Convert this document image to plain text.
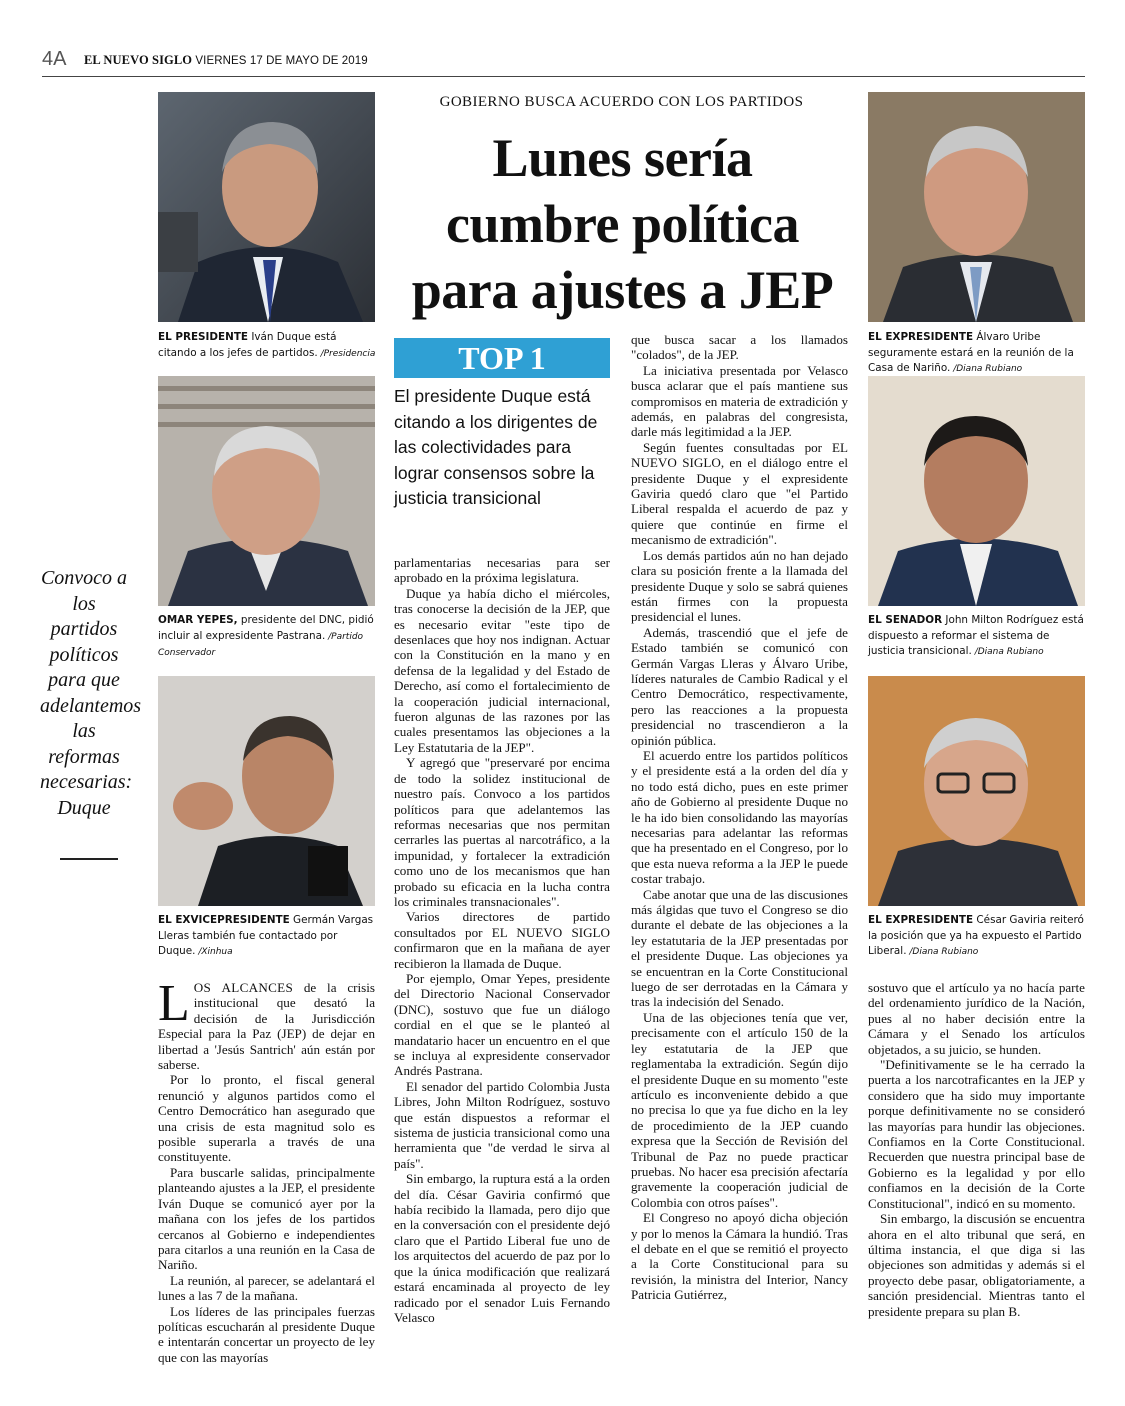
4A EL NUEVO SIGLO VIERNES 17 DE MAYO DE 2019
EL PRESIDENTE Iván Duque está citando a los jefes de partidos. /Presidencia
OMAR YEPES, presidente del DNC, pidió incluir al expresidente Pastrana. /Partido Conservador
EL EXVICEPRESIDENTE Germán Vargas Lleras también fue contactado por Duque. /Xinhua
EL EXPRESIDENTE Álvaro Uribe seguramente estará en la reunión de la Casa de Nariño. /Diana Rubiano
EL SENADOR John Milton Rodríguez está dispuesto a reformar el sistema de justicia transicional. /Diana Rubiano
EL EXPRESIDENTE César Gaviria reiteró la posición que ya ha expuesto el Partido Liberal. /Diana Rubiano
GOBIERNO BUSCA ACUERDO CON LOS PARTIDOS
Lunes sería
cumbre política
para ajustes a JEP
TOP 1
El presidente Duque está citando a los dirigentes de las colectividades para lograr consensos sobre la justicia transicional
Convoco a los partidos políticos para que adelantemos las reformas necesarias: Duque

LOS ALCANCES de la crisis institucional que desató la decisión de la Jurisdicción Especial para la Paz (JEP) de dejar en libertad a 'Jesús Santrich' aún están por saberse.

Por lo pronto, el fiscal general renunció y algunos partidos como el Centro Democrático han asegurado que una crisis de esta magnitud solo es posible superarla a través de una constituyente.

Para buscarle salidas, principalmente planteando ajustes a la JEP, el presidente Iván Duque se comunicó ayer por la mañana con los jefes de los partidos cercanos al Gobierno e independientes para citarlos a una reunión en la Casa de Nariño.

La reunión, al parecer, se adelantará el lunes a las 7 de la mañana.

Los líderes de las principales fuerzas políticas escucharán al presidente Duque e intentarán concertar un proyecto de ley que con las mayorías

parlamentarias necesarias para ser aprobado en la próxima legislatura.

Duque ya había dicho el miércoles, tras conocerse la decisión de la JEP, que es necesario evitar "este tipo de desenlaces que hoy nos indignan. Actuar con la Constitución en la mano y en defensa de la legalidad y del Estado de Derecho, así como el fortalecimiento de la cooperación judicial internacional, fueron algunas de las razones por las cuales presentamos las objeciones a la Ley Estatutaria de la JEP".

Y agregó que "preservaré por encima de todo la solidez institucional de nuestro país. Convoco a los partidos políticos para que adelantemos las reformas necesarias que nos permitan cerrarles las puertas al narcotráfico, a la impunidad, y fortalecer la extradición como uno de los mecanismos que han probado su eficacia en la lucha contra los criminales transnacionales".

Varios directores de partido consultados por EL NUEVO SIGLO confirmaron que en la mañana de ayer recibieron la llamada de Duque.

Por ejemplo, Omar Yepes, presidente del Directorio Nacional Conservador (DNC), sostuvo que fue un diálogo cordial en el que se le planteó al mandatario hacer un encuentro en el que se incluya al expresidente conservador Andrés Pastrana.

El senador del partido Colombia Justa Libres, John Milton Rodríguez, sostuvo que están dispuestos a reformar el sistema de justicia transicional como una herramienta que "de verdad le sirva al país".

Sin embargo, la ruptura está a la orden del día. César Gaviria confirmó que había recibido la llamada, pero dijo que en la conversación con el presidente dejó claro que el Partido Liberal fue uno de los arquitectos del acuerdo de paz por lo que la única modificación que realizará estará encaminada al proyecto de ley radicado por el senador Luis Fernando Velasco

que busca sacar a los llamados "colados", de la JEP.

La iniciativa presentada por Velasco busca aclarar que el país mantiene sus compromisos en materia de extradición y además, en palabras del congresista, darle más legitimidad a la JEP.

Según fuentes consultadas por EL NUEVO SIGLO, en el diálogo entre el presidente Duque y el expresidente Gaviria quedó claro que "el Partido Liberal respalda el acuerdo de paz y quiere que continúe en firme el mecanismo de extradición".

Los demás partidos aún no han dejado clara su posición frente a la llamada del presidente Duque y solo se sabrá quienes están firmes con la propuesta presidencial el lunes.

Además, trascendió que el jefe de Estado también se comunicó con Germán Vargas Lleras y Álvaro Uribe, líderes naturales de Cambio Radical y el Centro Democrático, respectivamente, pero las reacciones a la propuesta presidencial no trascendieron a la opinión pública.

El acuerdo entre los partidos políticos y el presidente está a la orden del día y no todo está dicho, pues en este primer año de Gobierno al presidente Duque no le ha ido bien consolidando las mayorías necesarias para adelantar las reformas que ha presentado en el Congreso, por lo que esta nueva reforma a la JEP le puede costar trabajo.

Cabe anotar que una de las discusiones más álgidas que tuvo el Congreso se dio durante el debate de las objeciones a la ley estatutaria de la JEP presentadas por el presidente Duque. Las objeciones ya se encuentran en la Corte Constitucional luego de ser derrotadas en la Cámara y tras la indecisión del Senado.

Una de las objeciones tenía que ver, precisamente con el artículo 150 de la ley estatutaria de la JEP que reglamentaba la extradición. Según dijo el presidente Duque en su momento "este artículo es inconveniente debido a que no precisa lo que ya fue dicho en la ley de procedimiento de la JEP cuando expresa que la Sección de Revisión del Tribunal de Paz no puede practicar pruebas. No hacer esa precisión afectaría gravemente la cooperación judicial de Colombia con otros países".

El Congreso no apoyó dicha objeción y por lo menos la Cámara la hundió. Tras el debate en el que se remitió el proyecto a la Corte Constitucional para su revisión, la ministra del Interior, Nancy Patricia Gutiérrez,

sostuvo que el artículo ya no hacía parte del ordenamiento jurídico de la Nación, pues al no haber decisión entre la Cámara y el Senado los artículos objetados, a su juicio, se hunden.

"Definitivamente se le ha cerrado la puerta a los narcotraficantes en la JEP y considero que ha sido muy importante porque definitivamente no se consideró las mayorías para hundir las objeciones. Confiamos en la Corte Constitucional. Recuerden que nuestra principal base de Gobierno es la legalidad y por ello confiamos en la decisión de la Corte Constitucional", indicó en su momento.

Sin embargo, la discusión se encuentra ahora en el alto tribunal que será, en última instancia, el que diga si las objeciones son admitidas y además si el proyecto debe pasar, obligatoriamente, a sanción presidencial. Mientras tanto el presidente prepara su plan B.
